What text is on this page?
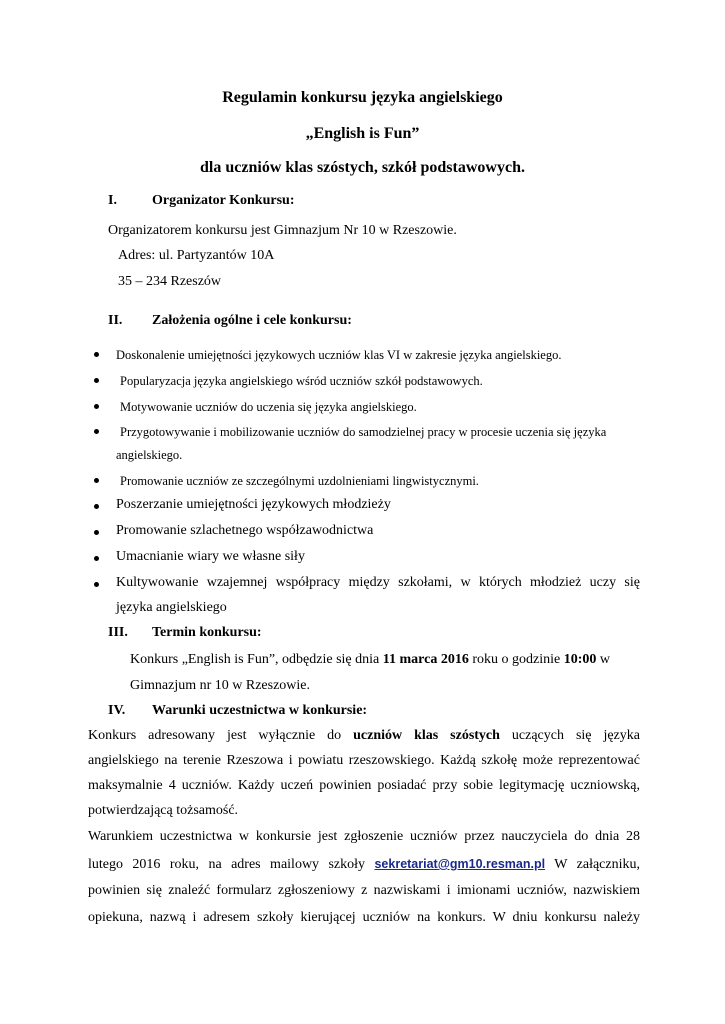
Regulamin konkursu języka angielskiego
„English is Fun”
dla uczniów klas szóstych, szkół podstawowych.
I.	Organizator Konkursu:
Organizatorem konkursu jest Gimnazjum Nr 10 w Rzeszowie.
Adres: ul. Partyzantów 10A
35 – 234 Rzeszów
II. Założenia ogólne i cele konkursu:
Doskonalenie umiejętności językowych uczniów klas VI w zakresie języka angielskiego.
Popularyzacja języka angielskiego wśród uczniów szkół podstawowych.
Motywowanie uczniów do uczenia się języka angielskiego.
Przygotowywanie i mobilizowanie uczniów do samodzielnej pracy w procesie uczenia się języka
angielskiego.
Promowanie uczniów ze szczególnymi uzdolnieniami lingwistycznymi.
Poszerzanie umiejętności językowych młodzieży
Promowanie szlachetnego współzawodnictwa
Umacnianie wiary we własne siły
Kultywowanie wzajemnej współpracy między szkołami, w których młodzież uczy się
języka angielskiego
III. Termin konkursu:
Konkurs „English is Fun”, odbędzie się dnia 11 marca 2016 roku o godzinie 10:00 w
Gimnazjum nr 10 w Rzeszowie.
IV. Warunki uczestnictwa w konkursie:
Konkurs adresowany jest wyłącznie do uczniów klas szóstych uczących się języka
angielskiego na terenie Rzeszowa i powiatu rzeszowskiego. Każdą szkołę może reprezentować
maksymalnie 4 uczniów. Każdy uczeń powinien posiadać przy sobie legitymację uczniowską,
potwierdzającą tożsamość.
Warunkiem uczestnictwa w konkursie jest zgłoszenie uczniów przez nauczyciela do dnia 28
lutego 2016 roku, na adres mailowy szkoły sekretariat@gm10.resman.pl W załączniku,
powinien się znaleźć formularz zgłoszeniowy z nazwiskami i imionami uczniów, nazwiskiem
opiekuna, nazwą i adresem szkoły kierującej uczniów na konkurs. W dniu konkursu należy
